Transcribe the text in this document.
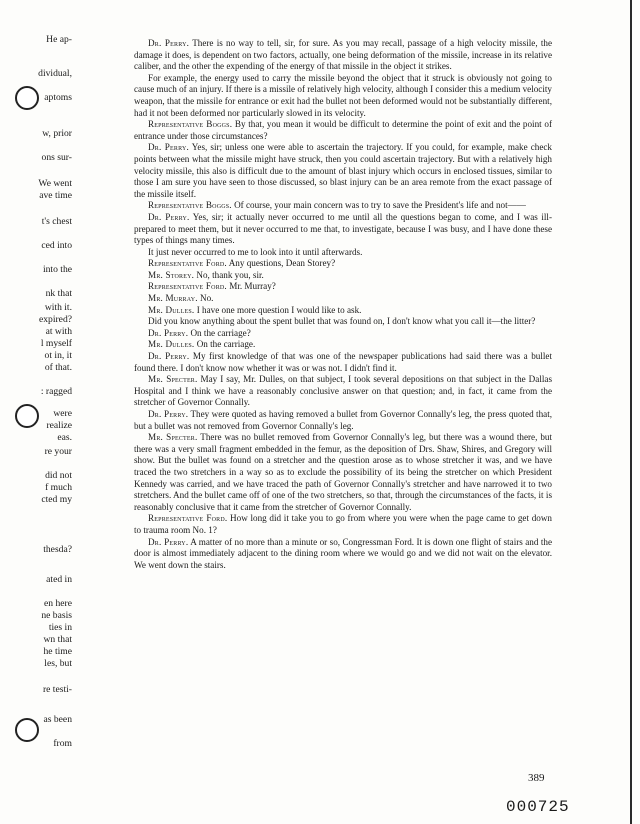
He ap-
dividual,
aptoms
w, prior
ons sur-
We went
ave time
t's chest
ced into
into the
nk that
with it.
expired?
at with
l myself
ot in, it
of that.
: ragged
were
realize
eas.
re your
did not
f much
cted my
thesda?
ated in
en here
ne basis
ties in
wn that
he time
les, but
re testi-
as been
from

Dr. Perry. There is no way to tell, sir, for sure. As you may recall, passage of a high velocity missile, the damage it does, is dependent on two factors, actually, one being deformation of the missile, increase in its relative caliber, and the other the expending of the energy of that missile in the object it strikes.

For example, the energy used to carry the missile beyond the object that it struck is obviously not going to cause much of an injury. If there is a missile of relatively high velocity, although I consider this a medium velocity weapon, that the missile for entrance or exit had the bullet not been deformed would not be substantially different, had it not been deformed nor particularly slowed in its velocity.

Representative Boggs. By that, you mean it would be difficult to determine the point of exit and the point of entrance under those circumstances?

Dr. Perry. Yes, sir; unless one were able to ascertain the trajectory. If you could, for example, make check points between what the missile might have struck, then you could ascertain trajectory. But with a relatively high velocity missile, this also is difficult due to the amount of blast injury which occurs in enclosed tissues, similar to those I am sure you have seen to those discussed, so blast injury can be an area remote from the exact passage of the missile itself.

Representative Boggs. Of course, your main concern was to try to save the President's life and not——

Dr. Perry. Yes, sir; it actually never occurred to me until all the questions began to come, and I was ill-prepared to meet them, but it never occurred to me that, to investigate, because I was busy, and I have done these types of things many times.

It just never occurred to me to look into it until afterwards.

Representative Ford. Any questions, Dean Storey?

Mr. Storey. No, thank you, sir.

Representative Ford. Mr. Murray?

Mr. Murray. No.

Mr. Dulles. I have one more question I would like to ask.

Did you know anything about the spent bullet that was found on, I don't know what you call it—the litter?

Dr. Perry. On the carriage?

Mr. Dulles. On the carriage.

Dr. Perry. My first knowledge of that was one of the newspaper publications had said there was a bullet found there. I don't know now whether it was or was not. I didn't find it.

Mr. Specter. May I say, Mr. Dulles, on that subject, I took several depositions on that subject in the Dallas Hospital and I think we have a reasonably conclusive answer on that question; and, in fact, it came from the stretcher of Governor Connally.

Dr. Perry. They were quoted as having removed a bullet from Governor Connally's leg, the press quoted that, but a bullet was not removed from Governor Connally's leg.

Mr. Specter. There was no bullet removed from Governor Connally's leg, but there was a wound there, but there was a very small fragment embedded in the femur, as the deposition of Drs. Shaw, Shires, and Gregory will show. But the bullet was found on a stretcher and the question arose as to whose stretcher it was, and we have traced the two stretchers in a way so as to exclude the possibility of its being the stretcher on which President Kennedy was carried, and we have traced the path of Governor Connally's stretcher and have narrowed it to two stretchers. And the bullet came off of one of the two stretchers, so that, through the circumstances of the facts, it is reasonably conclusive that it came from the stretcher of Governor Connally.

Representative Ford. How long did it take you to go from where you were when the page came to get down to trauma room No. 1?

Dr. Perry. A matter of no more than a minute or so, Congressman Ford. It is down one flight of stairs and the door is almost immediately adjacent to the dining room where we would go and we did not wait on the elevator. We went down the stairs.

389
000725
